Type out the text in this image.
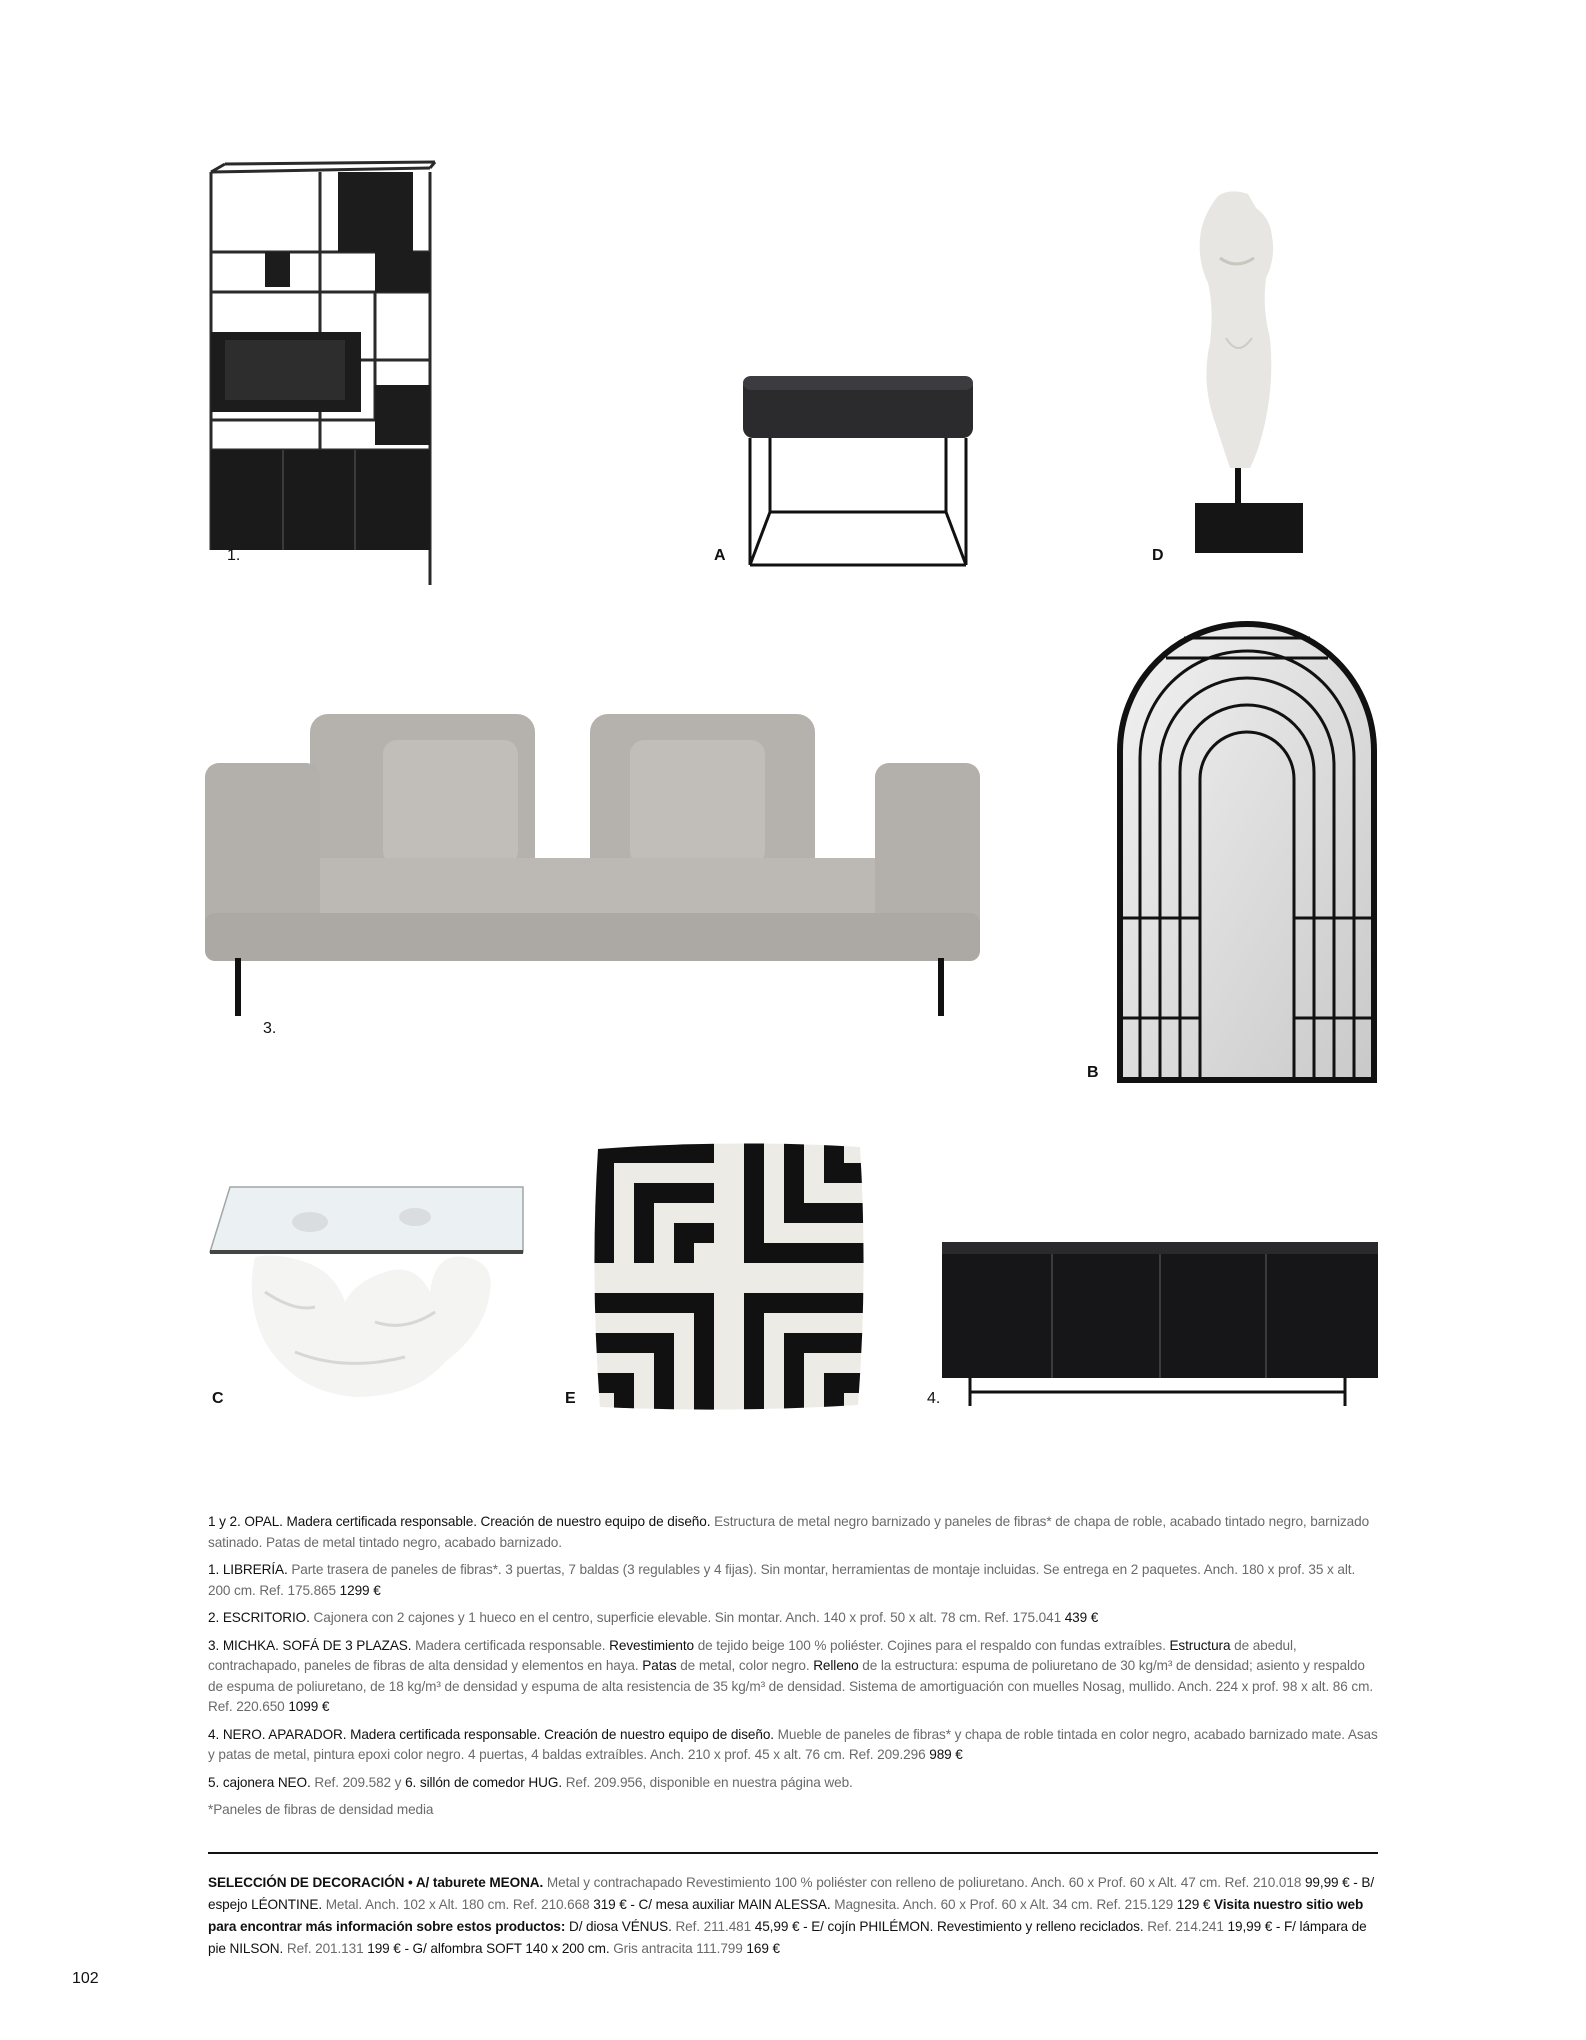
1.	A	D
3.
B
C	E	4.

1 y 2. OPAL. Madera certificada responsable. Creación de nuestro equipo de diseño. Estructura de metal negro barnizado y paneles de fibras* de chapa de roble, acabado tintado negro, barnizado satinado. Patas de metal tintado negro, acabado barnizado.

1. LIBRERÍA. Parte trasera de paneles de fibras*. 3 puertas, 7 baldas (3 regulables y 4 fijas). Sin montar, herramientas de montaje incluidas. Se entrega en 2 paquetes. Anch. 180 x prof. 35 x alt. 200 cm. Ref. 175.865 1299 €

2. ESCRITORIO. Cajonera con 2 cajones y 1 hueco en el centro, superficie elevable. Sin montar. Anch. 140 x prof. 50 x alt. 78 cm. Ref. 175.041 439 €

3. MICHKA. SOFÁ DE 3 PLAZAS. Madera certificada responsable. Revestimiento de tejido beige 100 % poliéster. Cojines para el respaldo con fundas extraíbles. Estructura de abedul, contrachapado, paneles de fibras de alta densidad y elementos en haya. Patas de metal, color negro. Relleno de la estructura: espuma de poliuretano de 30 kg/m³ de densidad; asiento y respaldo de espuma de poliuretano, de 18 kg/m³ de densidad y espuma de alta resistencia de 35 kg/m³ de densidad. Sistema de amortiguación con muelles Nosag, mullido. Anch. 224 x prof. 98 x alt. 86 cm. Ref. 220.650 1099 €

4. NERO. APARADOR. Madera certificada responsable. Creación de nuestro equipo de diseño. Mueble de paneles de fibras* y chapa de roble tintada en color negro, acabado barnizado mate. Asas y patas de metal, pintura epoxi color negro. 4 puertas, 4 baldas extraíbles. Anch. 210 x prof. 45 x alt. 76 cm. Ref. 209.296 989 €

5. cajonera NEO. Ref. 209.582 y 6. sillón de comedor HUG. Ref. 209.956, disponible en nuestra página web.

*Paneles de fibras de densidad media

SELECCIÓN DE DECORACIÓN • A/ taburete MEONA. Metal y contrachapado Revestimiento 100 % poliéster con relleno de poliuretano. Anch. 60 x Prof. 60 x Alt. 47 cm. Ref. 210.018 99,99 € - B/ espejo LÉONTINE. Metal. Anch. 102 x Alt. 180 cm. Ref. 210.668 319 € - C/ mesa auxiliar MAIN ALESSA. Magnesita. Anch. 60 x Prof. 60 x Alt. 34 cm. Ref. 215.129 129 € Visita nuestro sitio web para encontrar más información sobre estos productos: D/ diosa VÉNUS. Ref. 211.481 45,99 € - E/ cojín PHILÉMON. Revestimiento y relleno reciclados. Ref. 214.241 19,99 € - F/ lámpara de pie NILSON. Ref. 201.131 199 € - G/ alfombra SOFT 140 x 200 cm. Gris antracita 111.799 169 €
102
